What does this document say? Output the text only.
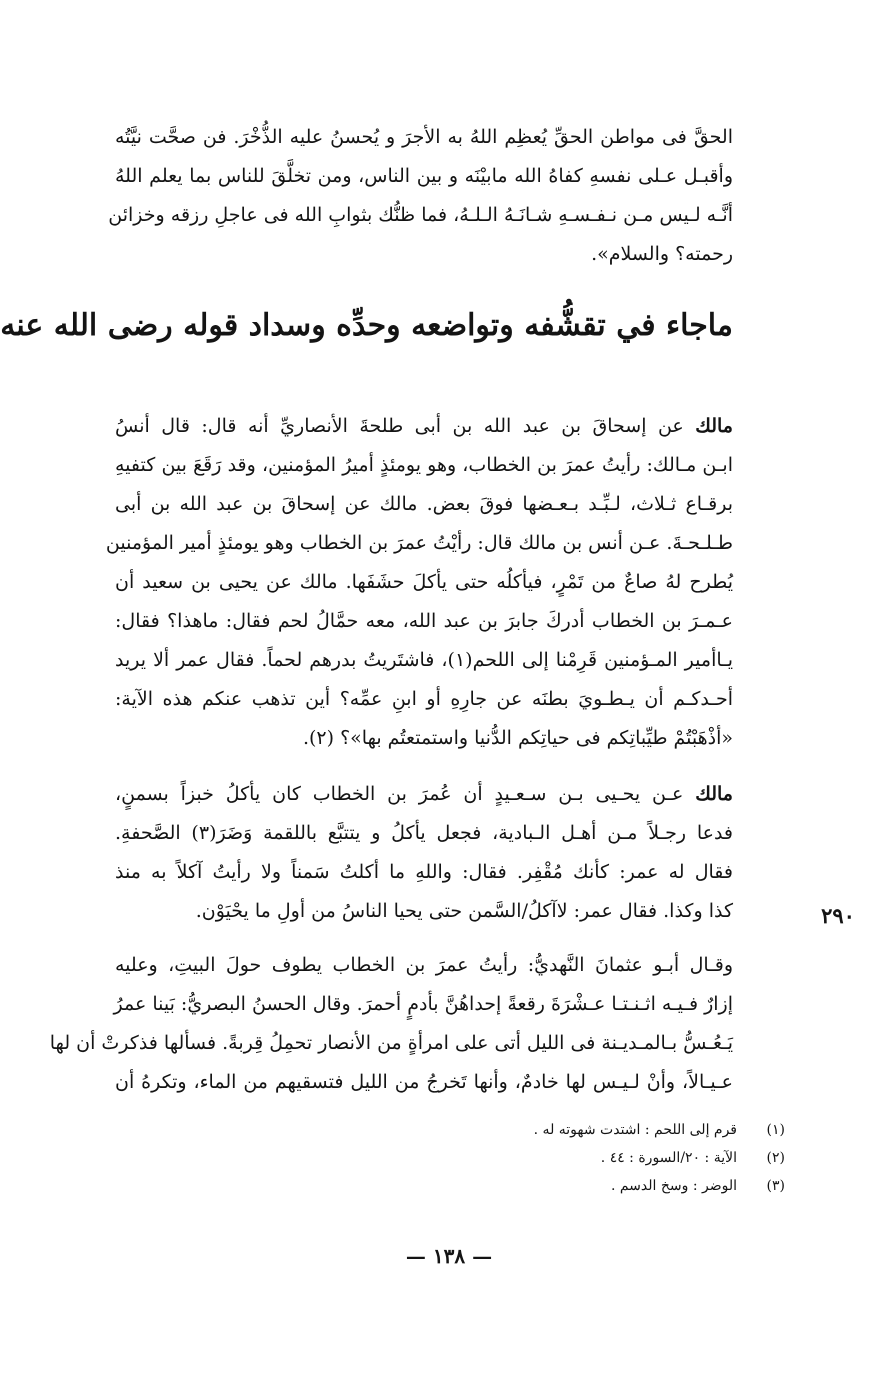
الحقَّ فى مواطن الحقِّ يُعظِم اللهُ به الأجرَ و يُحسنُ عليه الذُّخْرَ. فن صحَّت نيَّتُه
وأقبـل عـلى نفسهِ كفاهُ الله مابيْنَه و بين الناس، ومن تخلَّقَ للناس بما يعلم اللهُ
أنَّـه لـيس مـن نـفـسـهِ شـانَـهُ الـلـهُ، فما ظنُّك بثوابِ الله فى عاجلِ رزقه وخزائن
رحمته؟ والسلام».
ماجاء في تقشُّفه وتواضعه وحدِّه وسداد قوله رضى الله عنه
مالك عن إسحاقَ بن عبد الله بن أبى طلحةَ الأنصاريِّ أنه قال: قال أنسُ
ابـن مـالك: رأيتُ عمرَ بن الخطاب، وهو يومئذٍ أميرُ المؤمنين، وقد رَقَعَ بين كتفيهِ
برقـاع ثـلاث، لـبِّـد بـعـضها فوقَ بعض. مالك عن إسحاقَ بن عبد الله بن أبى
طـلـحـةَ. عـن أنس بن مالك قال: رأيْتُ عمرَ بن الخطاب وهو يومئذٍ أمير المؤمنين
يُطرح لهُ صاعٌ من تَمْرٍ، فيأكلُه حتى يأكلَ حشَفَها. مالك عن يحيى بن سعيد أن
عـمـرَ بن الخطاب أدركَ جابرَ بن عبد الله، معه حمَّالُ لحم فقال: ماهذا؟ فقال:
يـاأمير المـؤمنين قَرِمْنا إلى اللحم(١)، فاشتَريتُ بدرهم لحماً. فقال عمر ألا يريد
أحـدكـم أن يـطـويَ بطنَه عن جارِهِ أو ابنِ عمِّه؟ أين تذهب عنكم هذه الآية:
«أذْهَبْتُمْ طيِّباتِكم فى حياتِكم الدُّنيا واستمتعتُم بها»؟ (٢).
مالك عـن يحـيى بـن سـعـيدٍ أن عُمرَ بن الخطاب كان يأكلُ خبزاً بسمنٍ،
فدعا رجـلاً مـن أهـل الـبادية، فجعل يأكلُ و يتتبَّع باللقمة وَضَرَ(٣) الصَّحفةِ.
فقال له عمر: كأنك مُقْفِر. فقال: واللهِ ما أكلتُ سَمناً ولا رأيتُ آكلاً به منذ
كذا وكذا. فقال عمر: لاآكلُ/السَّمن حتى يحيا الناسُ من أولِ ما يحْيَوْن.	٢٩٠
وقـال أبـو عثمانَ النَّهديُّ: رأيتُ عمرَ بن الخطاب يطوف حولَ البيتِ، وعليه
إزارٌ فـيـه اثـنـتـا عـشْرَةَ رقعةً إحداهُنَّ بأدمٍ أحمرَ. وقال الحسنُ البصريُّ: بَينا عمرُ
يَـعُـسُّ بـالمـديـنة فى الليل أتى على امرأةٍ من الأنصار تحمِلُ قِربةً. فسألها فذكرتْ أن لها
عـيـالاً، وأنْ لـيـس لها خادمٌ، وأنها تَخرجُ من الليل فتسقيهم من الماء، وتكرهُ أن
(١)
قرم إلى اللحم : اشتدت شهوته له .
(٢)
الآية : ٢٠/السورة : ٤٤ .
(٣)
الوضر : وسخ الدسم .
— ١٣٨ —
